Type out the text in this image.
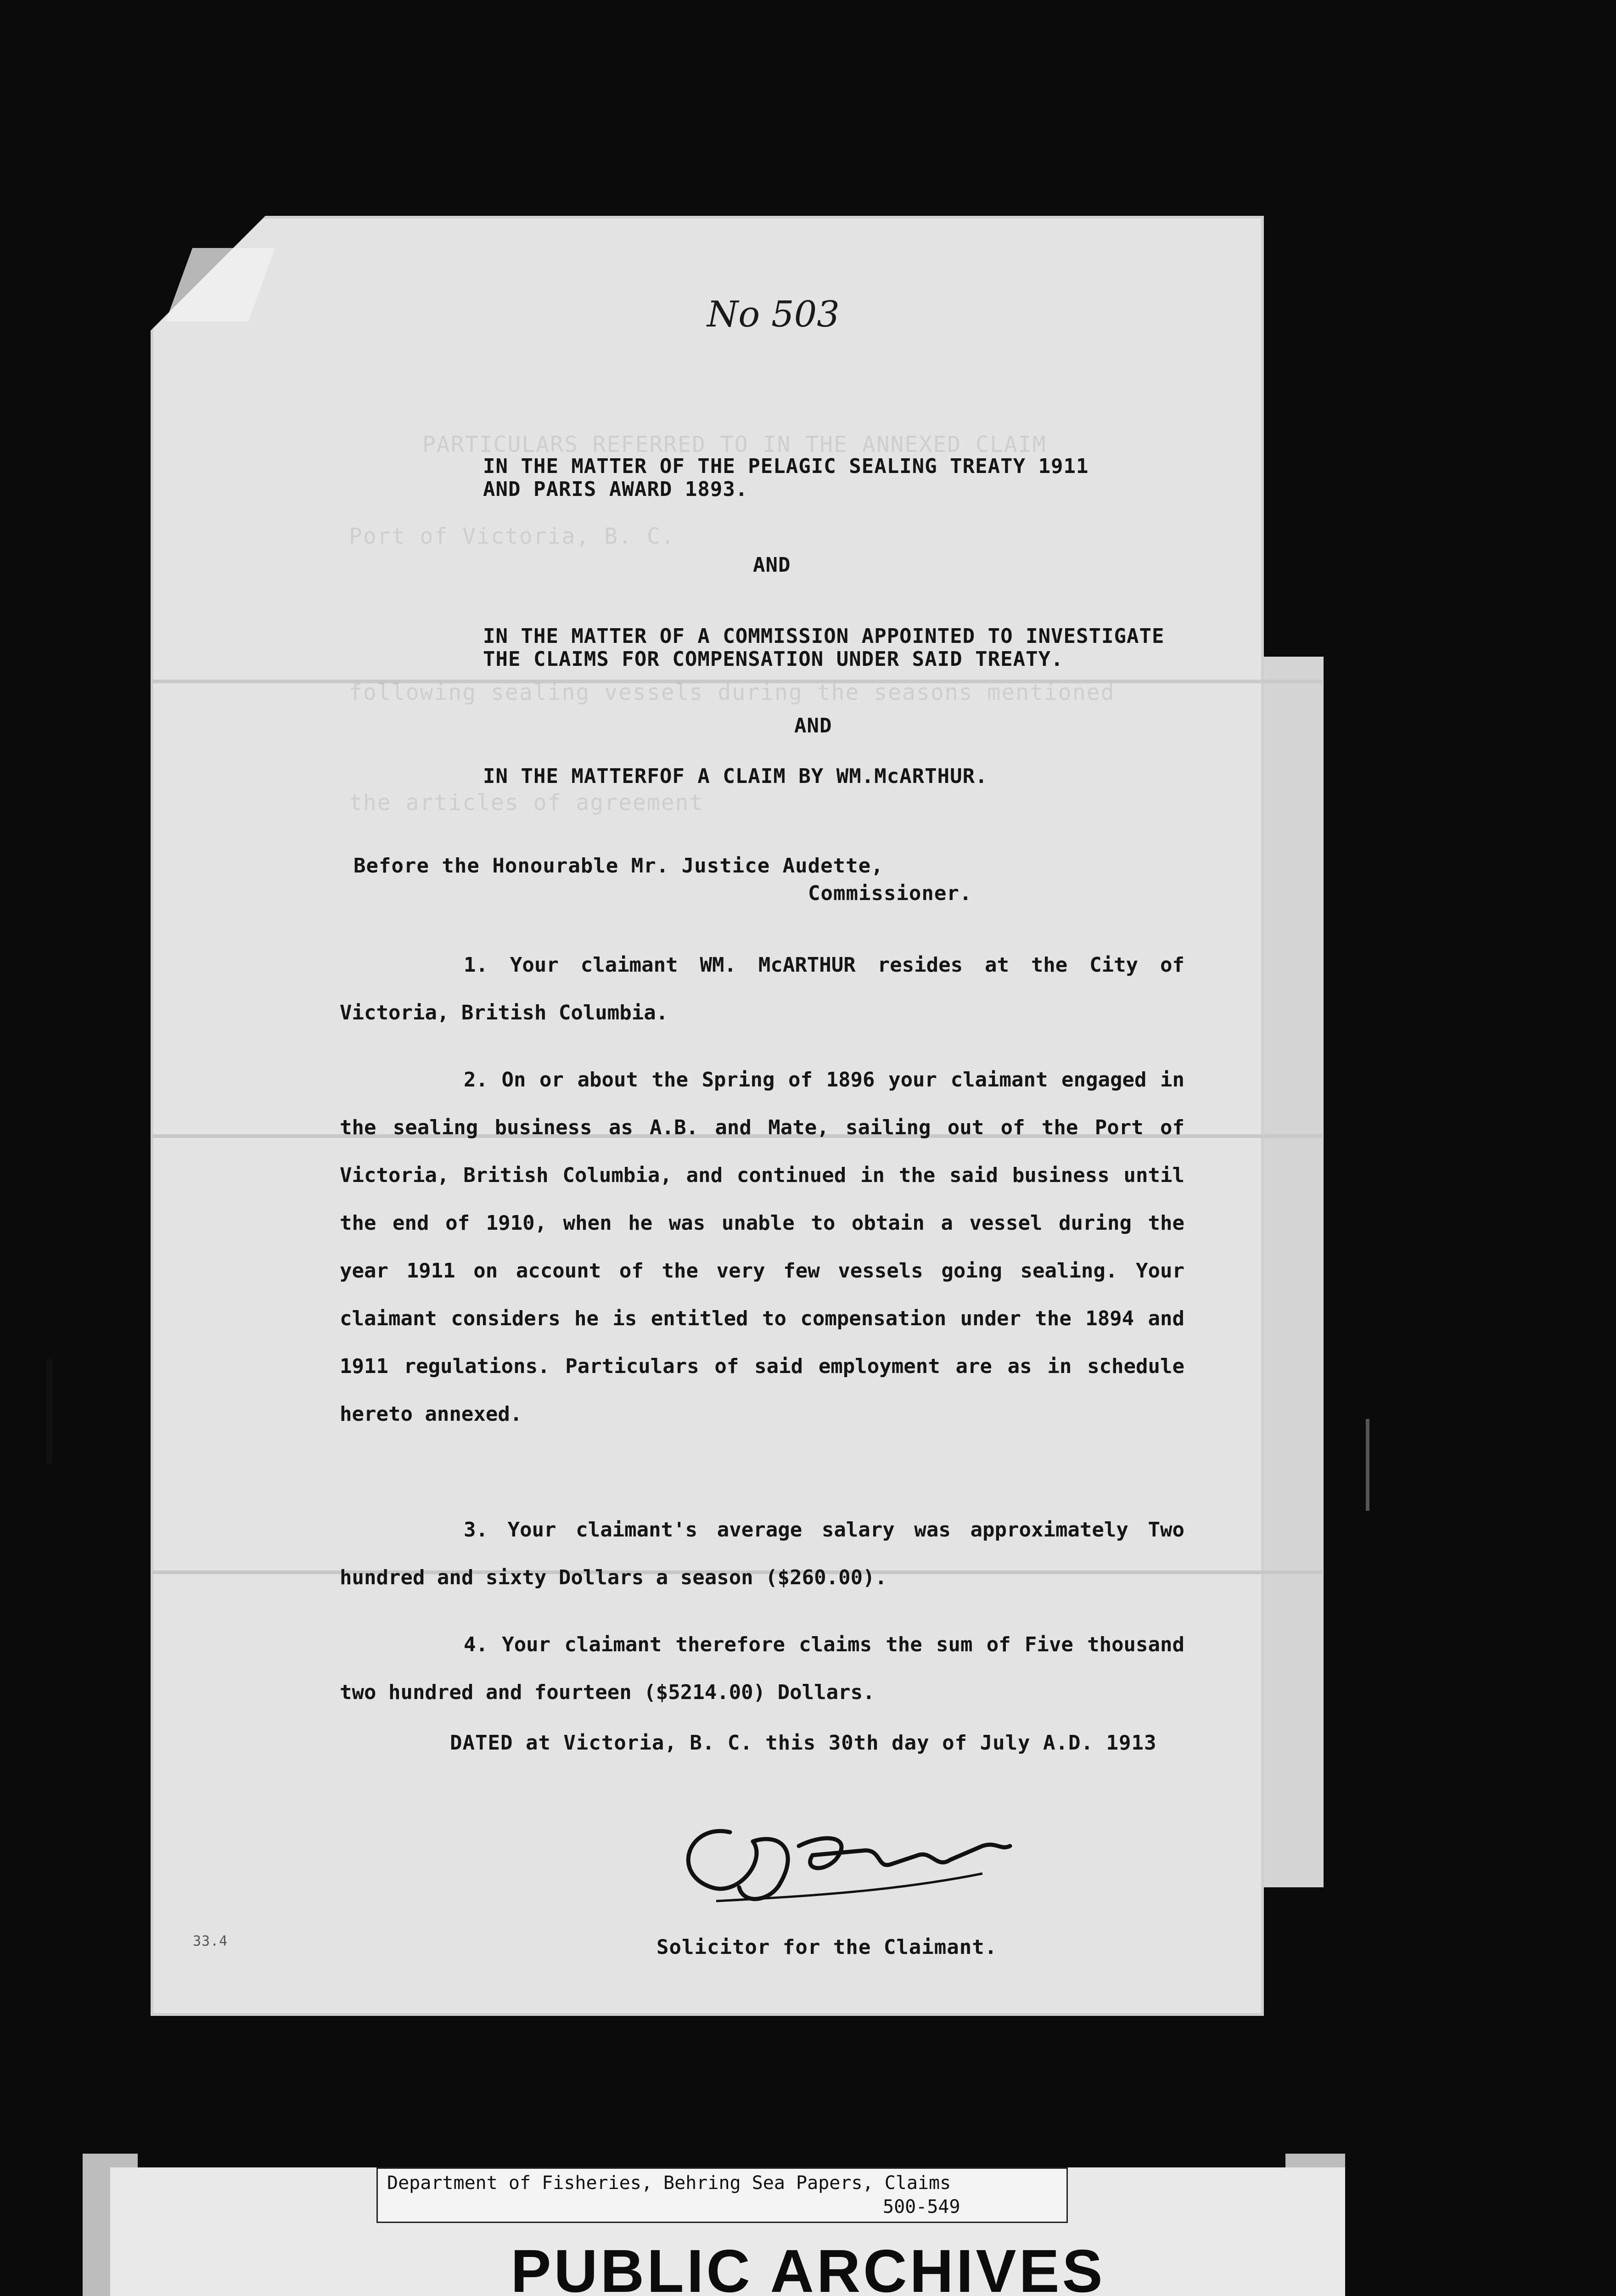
PARTICULARS REFERRED TO IN THE ANNEXED CLAIM
Port of Victoria, B. C.
following sealing vessels during the seasons mentioned
the articles of agreement
No 503
IN THE MATTER OF THE PELAGIC SEALING TREATY 1911
AND PARIS AWARD 1893.
AND
IN THE MATTER OF A COMMISSION APPOINTED TO INVESTIGATE
THE CLAIMS FOR COMPENSATION UNDER SAID TREATY.
AND
IN THE MATTERFOF A CLAIM BY WM.McARTHUR.
Before the Honourable Mr. Justice Audette,
Commissioner.

1. Your claimant WM. McARTHUR resides at the City of Victoria, British Columbia.

2. On or about the Spring of 1896 your claimant engaged in the sealing business as A.B. and Mate, sailing out of the Port of Victoria, British Columbia, and continued in the said business until the end of 1910, when he was unable to obtain a vessel during the year 1911 on account of the very few vessels going sealing. Your claimant considers he is entitled to compensation under the 1894 and 1911 regulations. Particulars of said employment are as in schedule hereto annexed.

3. Your claimant's average salary was approximately Two hundred and sixty Dollars a season ($260.00).

4. Your claimant therefore claims the sum of Five thousand two hundred and fourteen ($5214.00) Dollars.

DATED at Victoria, B. C. this 30th day of July A.D. 1913
Solicitor for the Claimant.
33.4
Department of Fisheries, Behring Sea Papers, Claims
500-549
PUBLIC ARCHIVES
